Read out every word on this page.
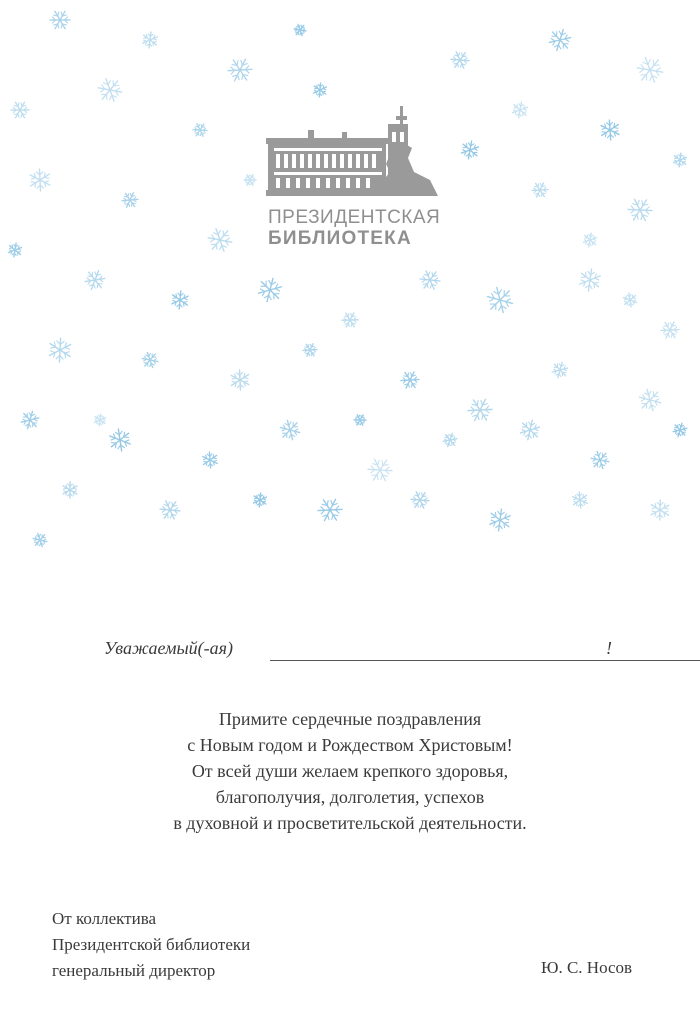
ПРЕЗИДЕНТСКАЯ
БИБЛИОТЕКА
Уважаемый(-ая)	!
Примите сердечные поздравления
с Новым годом и Рождеством Христовым!
От всей души желаем крепкого здоровья,
благополучия, долголетия, успехов
в духовной и просветительской деятельности.
От коллектива
Президентской библиотеки
генеральный директор	Ю. С. Носов
